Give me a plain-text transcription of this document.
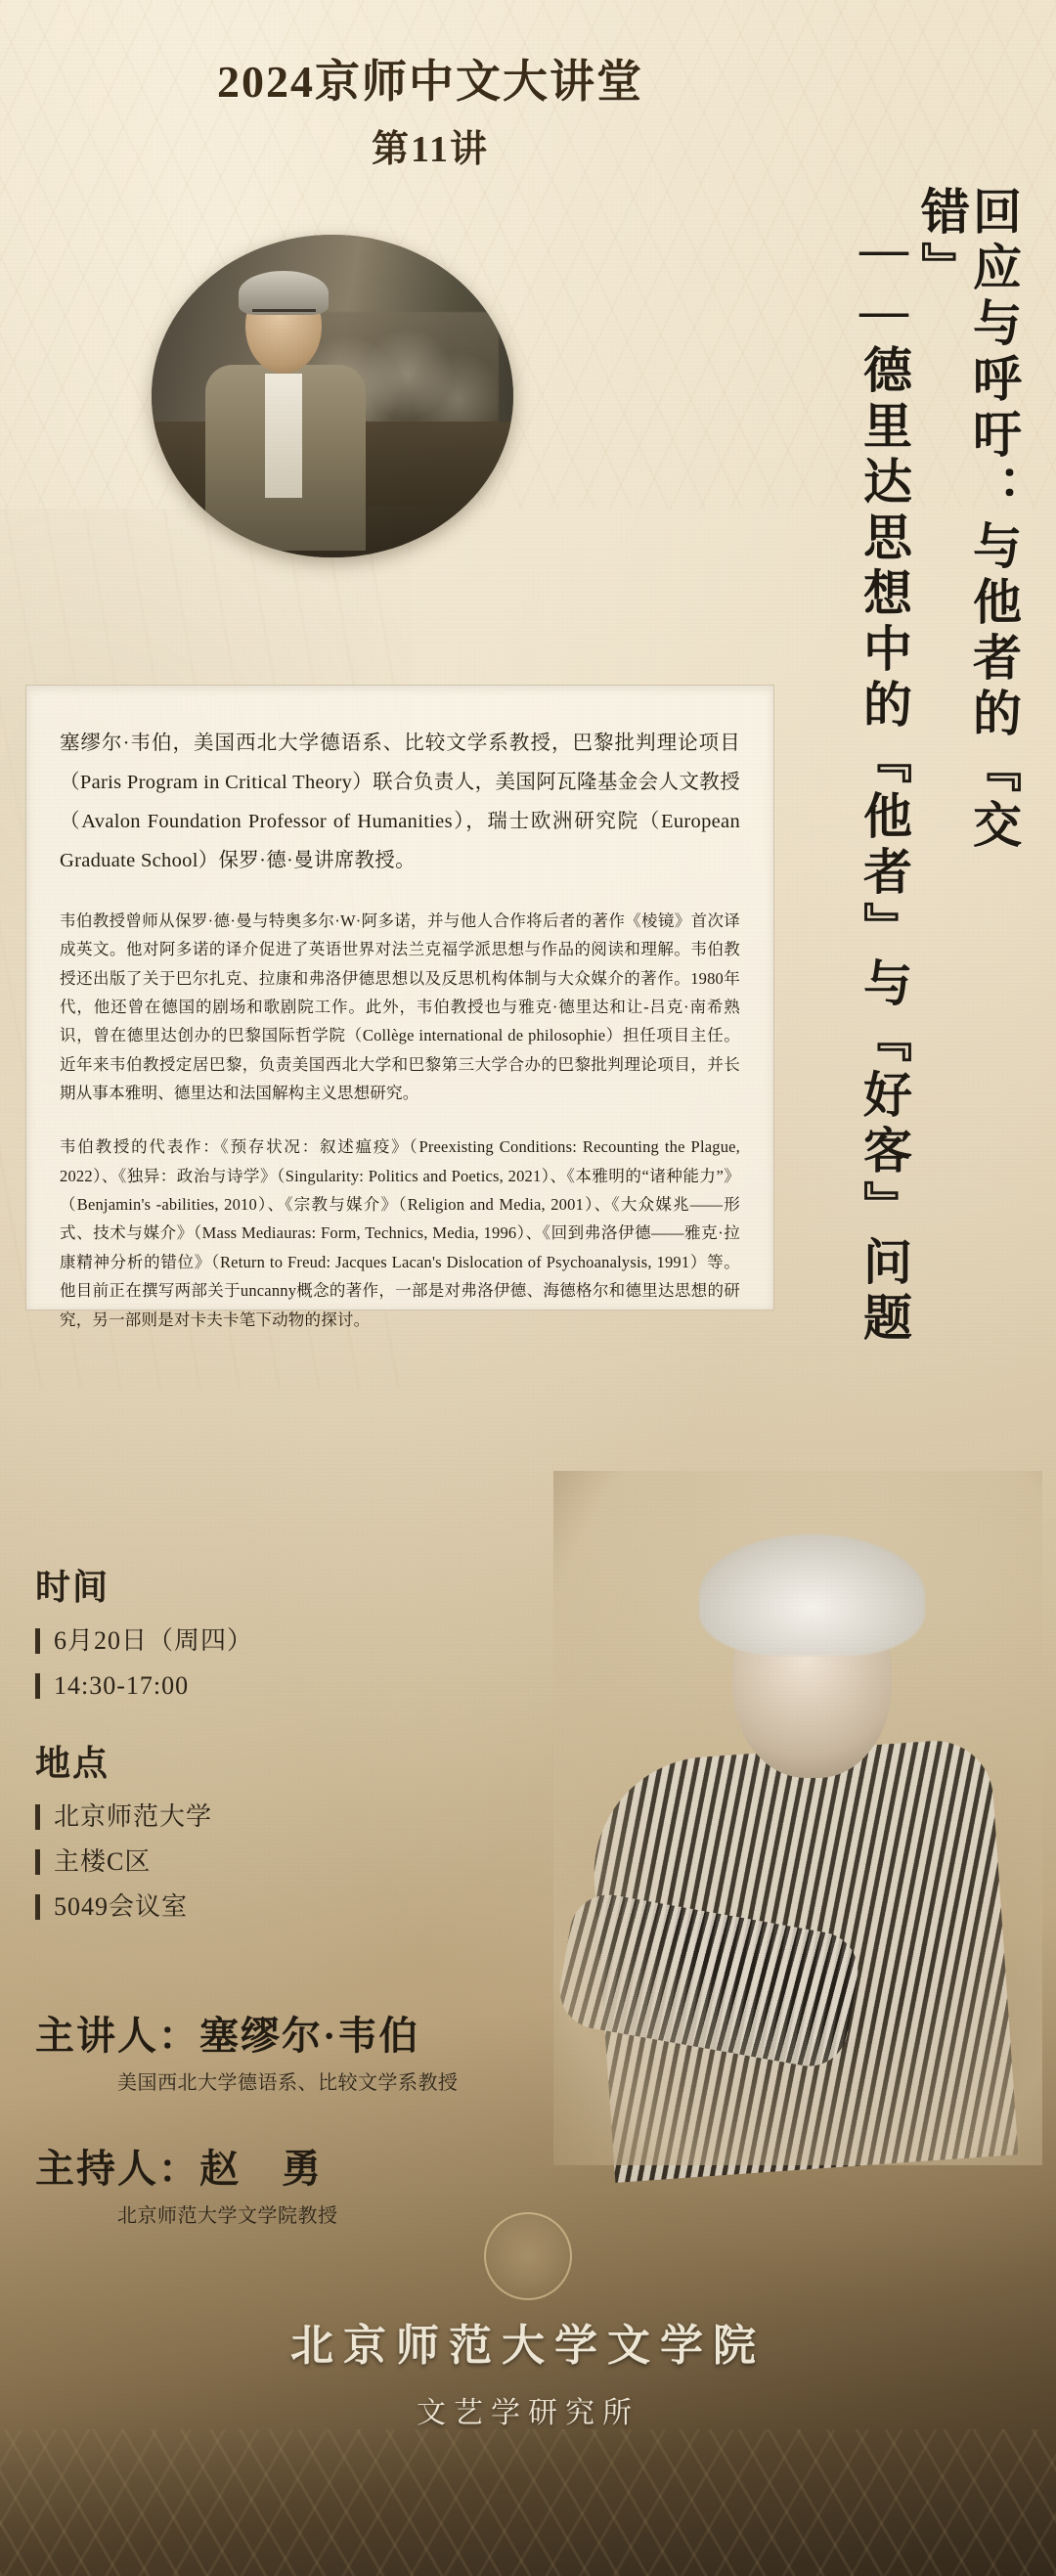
2024京师中文大讲堂
第11讲
回应与呼吁：与他者的『交错』
——德里达思想中的『他者』与『好客』问题

塞缪尔·韦伯，美国西北大学德语系、比较文学系教授，巴黎批判理论项目（Paris Program in Critical Theory）联合负责人，美国阿瓦隆基金会人文教授（Avalon Foundation Professor of Humanities），瑞士欧洲研究院（European Graduate School）保罗·德·曼讲席教授。

韦伯教授曾师从保罗·德·曼与特奥多尔·W·阿多诺，并与他人合作将后者的著作《棱镜》首次译成英文。他对阿多诺的译介促进了英语世界对法兰克福学派思想与作品的阅读和理解。韦伯教授还出版了关于巴尔扎克、拉康和弗洛伊德思想以及反思机构体制与大众媒介的著作。1980年代，他还曾在德国的剧场和歌剧院工作。此外，韦伯教授也与雅克·德里达和让-吕克·南希熟识，曾在德里达创办的巴黎国际哲学院（Collège international de philosophie）担任项目主任。近年来韦伯教授定居巴黎，负责美国西北大学和巴黎第三大学合办的巴黎批判理论项目，并长期从事本雅明、德里达和法国解构主义思想研究。

韦伯教授的代表作：《预存状况：叙述瘟疫》（Preexisting Conditions: Recounting the Plague, 2022）、《独异：政治与诗学》（Singularity: Politics and Poetics, 2021）、《本雅明的“诸种能力”》（Benjamin's -abilities, 2010）、《宗教与媒介》（Religion and Media, 2001）、《大众媒兆——形式、技术与媒介》（Mass Mediauras: Form, Technics, Media, 1996）、《回到弗洛伊德——雅克·拉康精神分析的错位》（Return to Freud: Jacques Lacan's Dislocation of Psychoanalysis, 1991）等。他目前正在撰写两部关于uncanny概念的著作，一部是对弗洛伊德、海德格尔和德里达思想的研究，另一部则是对卡夫卡笔下动物的探讨。

时间
6月20日（周四）
14:30-17:00
地点
北京师范大学
主楼C区
5049会议室
主讲人：塞缪尔·韦伯
美国西北大学德语系、比较文学系教授
主持人：赵　勇
北京师范大学文学院教授
北京师范大学文学院
文艺学研究所
